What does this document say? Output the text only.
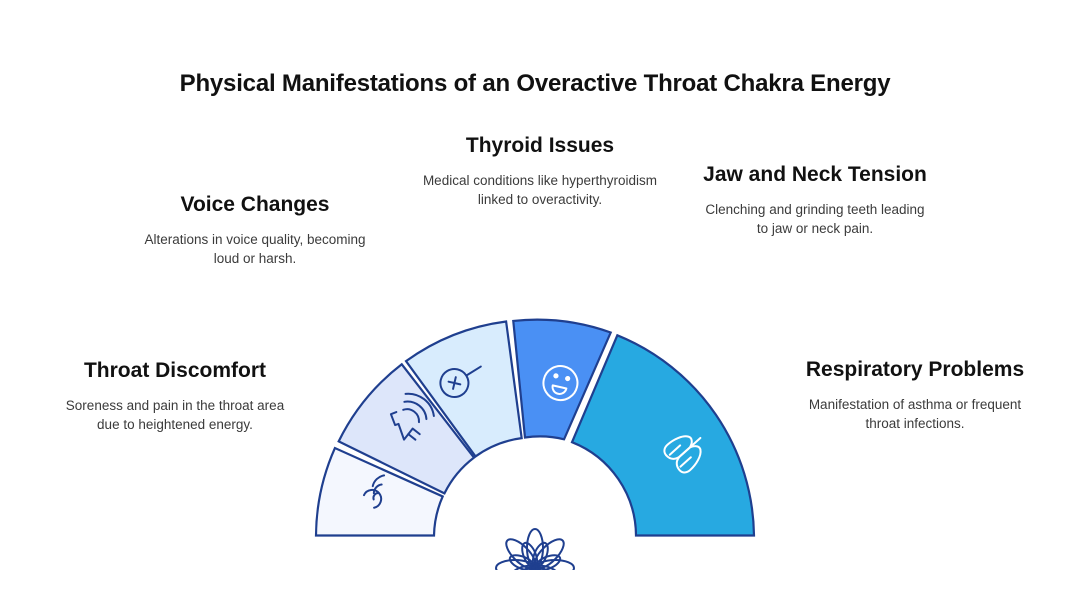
Physical Manifestations of an Overactive Throat Chakra Energy
Voice Changes
Alterations in voice quality, becoming loud or harsh.
Thyroid Issues
Medical conditions like hyperthyroidism linked to overactivity.
Jaw and Neck Tension
Clenching and grinding teeth leading to jaw or neck pain.
Throat Discomfort
Soreness and pain in the throat area due to heightened energy.
Respiratory Problems
Manifestation of asthma or frequent throat infections.
